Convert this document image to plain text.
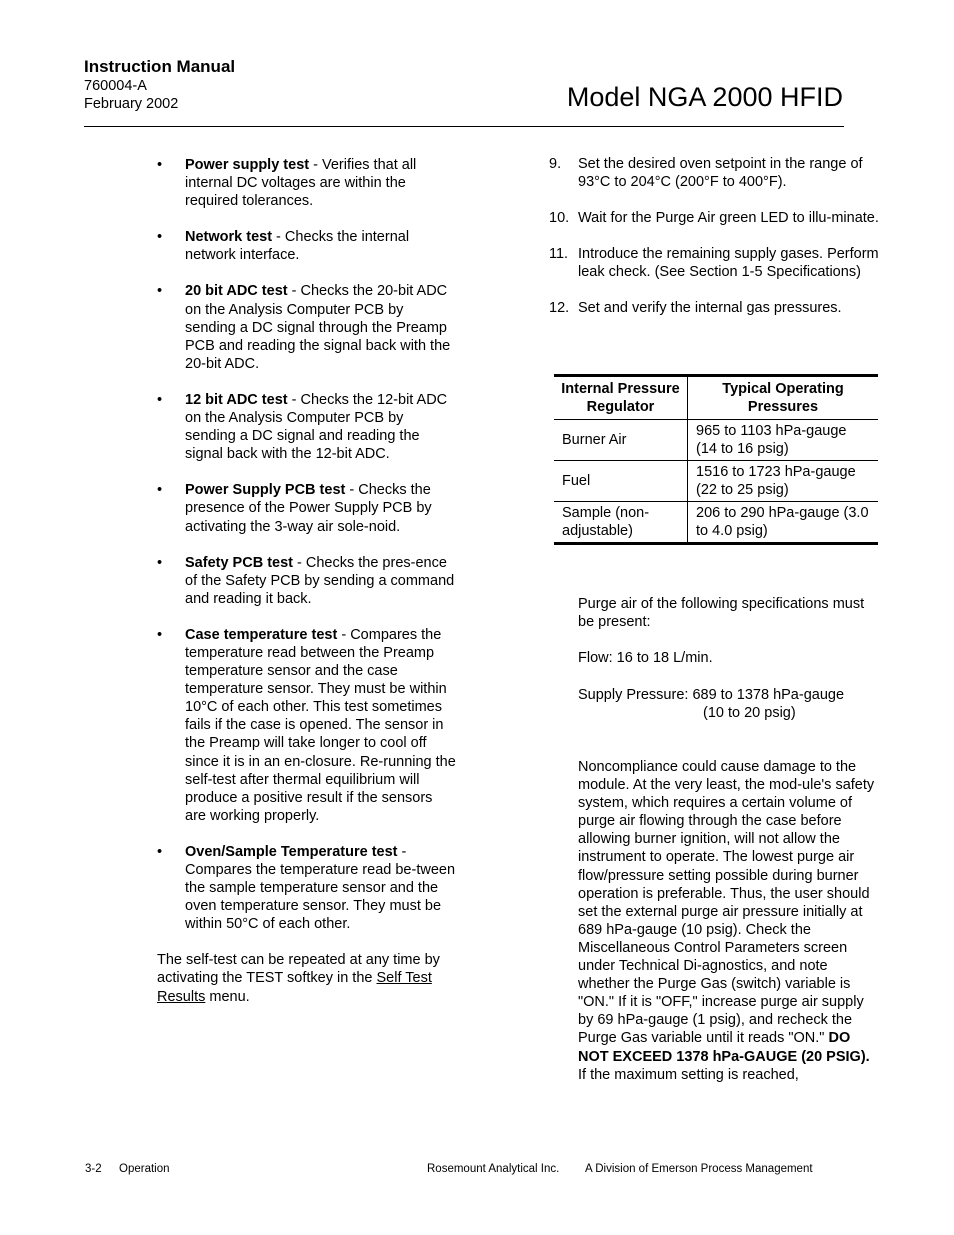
Instruction Manual
760004-A
February 2002	Model NGA 2000 HFID
• Power supply test - Verifies that all internal DC voltages are within the required tolerances.
• Network test - Checks the internal network interface.
• 20 bit ADC test - Checks the 20-bit ADC on the Analysis Computer PCB by sending a DC signal through the Preamp PCB and reading the signal back with the 20-bit ADC.
• 12 bit ADC test - Checks the 12-bit ADC on the Analysis Computer PCB by sending a DC signal and reading the signal back with the 12-bit ADC.
• Power Supply PCB test - Checks the presence of the Power Supply PCB by activating the 3-way air sole-noid.
• Safety PCB test - Checks the pres-ence of the Safety PCB by sending a command and reading it back.
• Case temperature test - Compares the temperature read between the Preamp temperature sensor and the case temperature sensor. They must be within 10°C of each other. This test sometimes fails if the case is opened. The sensor in the Preamp will take longer to cool off since it is in an en-closure. Re-running the self-test after thermal equilibrium will produce a positive result if the sensors are working properly.
• Oven/Sample Temperature test - Compares the temperature read be-tween the sample temperature sensor and the oven temperature sensor. They must be within 50°C of each other.
The self-test can be repeated at any time by activating the TEST softkey in the Self Test Results menu.
9. Set the desired oven setpoint in the range of 93°C to 204°C (200°F to 400°F).
10. Wait for the Purge Air green LED to illu-minate.
11. Introduce the remaining supply gases. Perform leak check. (See Section 1-5 Specifications)
12. Set and verify the internal gas pressures.
Internal Pressure Regulator	Typical Operating Pressures
Burner Air	965 to 1103 hPa-gauge (14 to 16 psig)
Fuel	1516 to 1723 hPa-gauge (22 to 25 psig)
Sample (non-adjustable)	206 to 290 hPa-gauge (3.0 to 4.0 psig)
Purge air of the following specifications must be present:
Flow: 16 to 18 L/min.
Supply Pressure: 689 to 1378 hPa-gauge
(10 to 20 psig)
Noncompliance could cause damage to the module. At the very least, the mod-ule's safety system, which requires a certain volume of purge air flowing through the case before allowing burner ignition, will not allow the instrument to operate. The lowest purge air flow/pressure setting possible during burner operation is preferable. Thus, the user should set the external purge air pressure initially at 689 hPa-gauge (10 psig). Check the Miscellaneous Control Parameters screen under Technical Di-agnostics, and note whether the Purge Gas (switch) variable is "ON." If it is "OFF," increase purge air supply by 69 hPa-gauge (1 psig), and recheck the Purge Gas variable until it reads "ON." DO NOT EXCEED 1378 hPa-GAUGE (20 PSIG). If the maximum setting is reached,
3-2 Operation	Rosemount Analytical Inc. A Division of Emerson Process Management
